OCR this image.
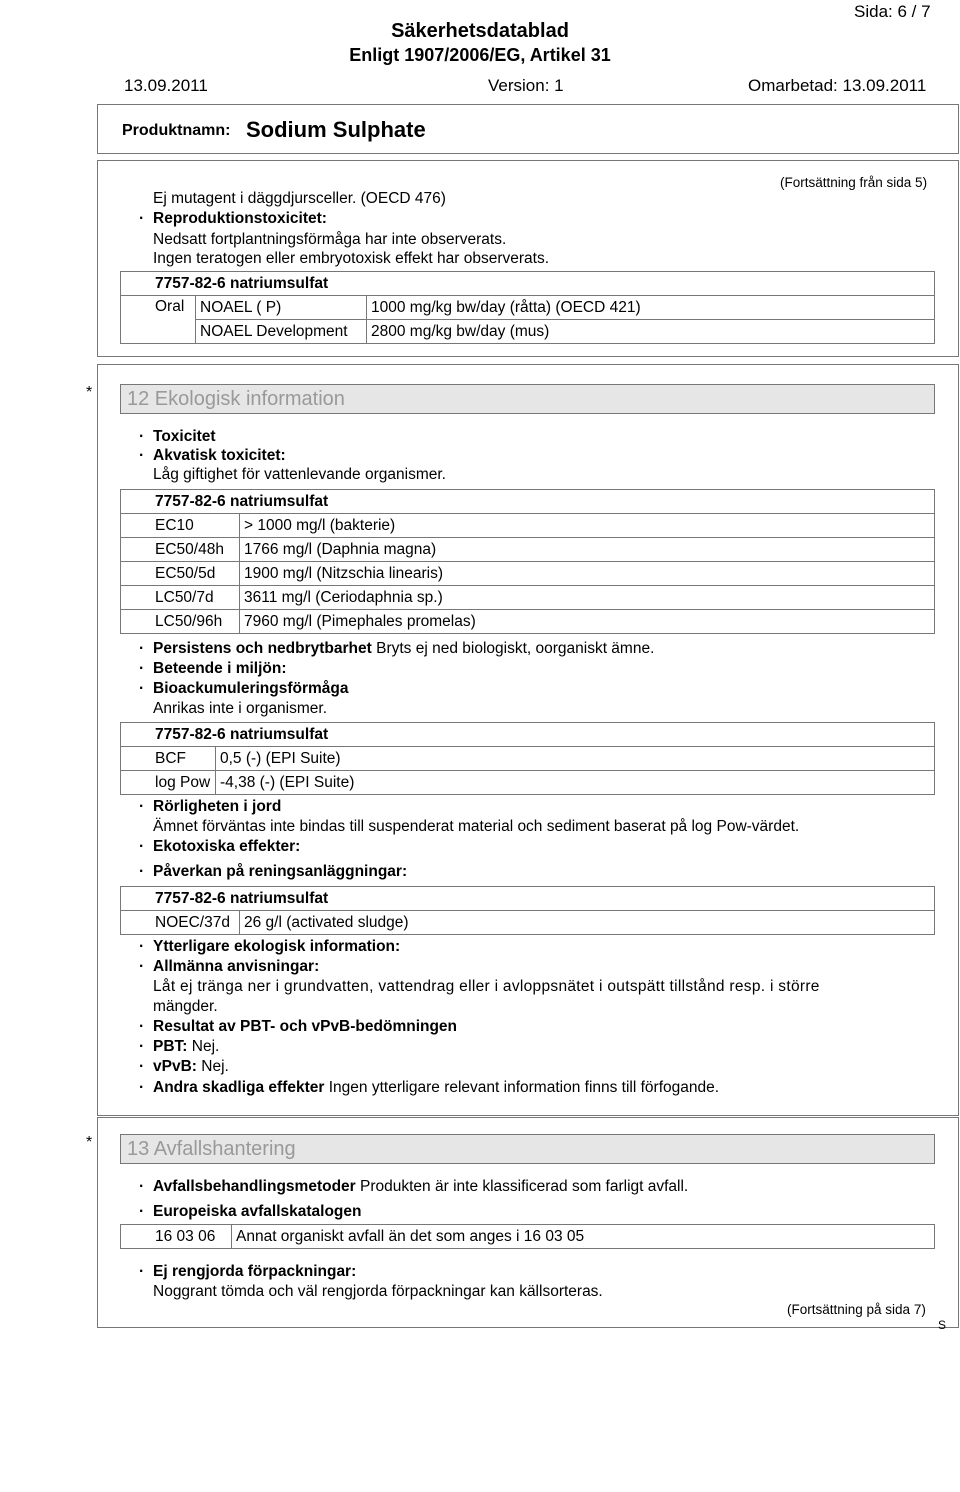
Sida: 6 / 7
Säkerhetsdatablad
Enligt 1907/2006/EG, Artikel 31
13.09.2011	Version: 1	Omarbetad: 13.09.2011
Produktnamn: Sodium Sulphate
(Fortsättning från sida 5)
Ej mutagent i däggdjursceller. (OECD 476)
· Reproduktionstoxicitet:
Nedsatt fortplantningsförmåga har inte observerats.
Ingen teratogen eller embryotoxisk effekt har observerats.
7757-82-6 natriumsulfat		
Oral	NOAEL ( P)	1000 mg/kg bw/day (råtta) (OECD 421)
	NOAEL Development	2800 mg/kg bw/day (mus)
*	12 Ekologisk information
· Toxicitet
· Akvatisk toxicitet:
Låg giftighet för vattenlevande organismer.
7757-82-6 natriumsulfat	
EC10	> 1000 mg/l (bakterie)
EC50/48h	1766 mg/l (Daphnia magna)
EC50/5d	1900 mg/l (Nitzschia linearis)
LC50/7d	3611 mg/l (Ceriodaphnia sp.)
LC50/96h	7960 mg/l (Pimephales promelas)
· Persistens och nedbrytbarhet Bryts ej ned biologiskt, oorganiskt ämne.
· Beteende i miljön:
· Bioackumuleringsförmåga
Anrikas inte i organismer.
7757-82-6 natriumsulfat	
BCF	0,5 (-) (EPI Suite)
log Pow	-4,38 (-) (EPI Suite)
· Rörligheten i jord
Ämnet förväntas inte bindas till suspenderat material och sediment baserat på log Pow-värdet.
· Ekotoxiska effekter:
· Påverkan på reningsanläggningar:
7757-82-6 natriumsulfat
NOEC/37d	26 g/l (activated sludge)
· Ytterligare ekologisk information:
· Allmänna anvisningar:
Låt ej tränga ner i grundvatten, vattendrag eller i avloppsnätet i outspätt tillstånd resp. i större
mängder.
· Resultat av PBT- och vPvB-bedömningen
· PBT: Nej.
· vPvB: Nej.
· Andra skadliga effekter Ingen ytterligare relevant information finns till förfogande.
*	13 Avfallshantering
· Avfallsbehandlingsmetoder Produkten är inte klassificerad som farligt avfall.
· Europeiska avfallskatalogen
16 03 06	Annat organiskt avfall än det som anges i 16 03 05
· Ej rengjorda förpackningar:
Noggrant tömda och väl rengjorda förpackningar kan källsorteras.
(Fortsättning på sida 7)
S
